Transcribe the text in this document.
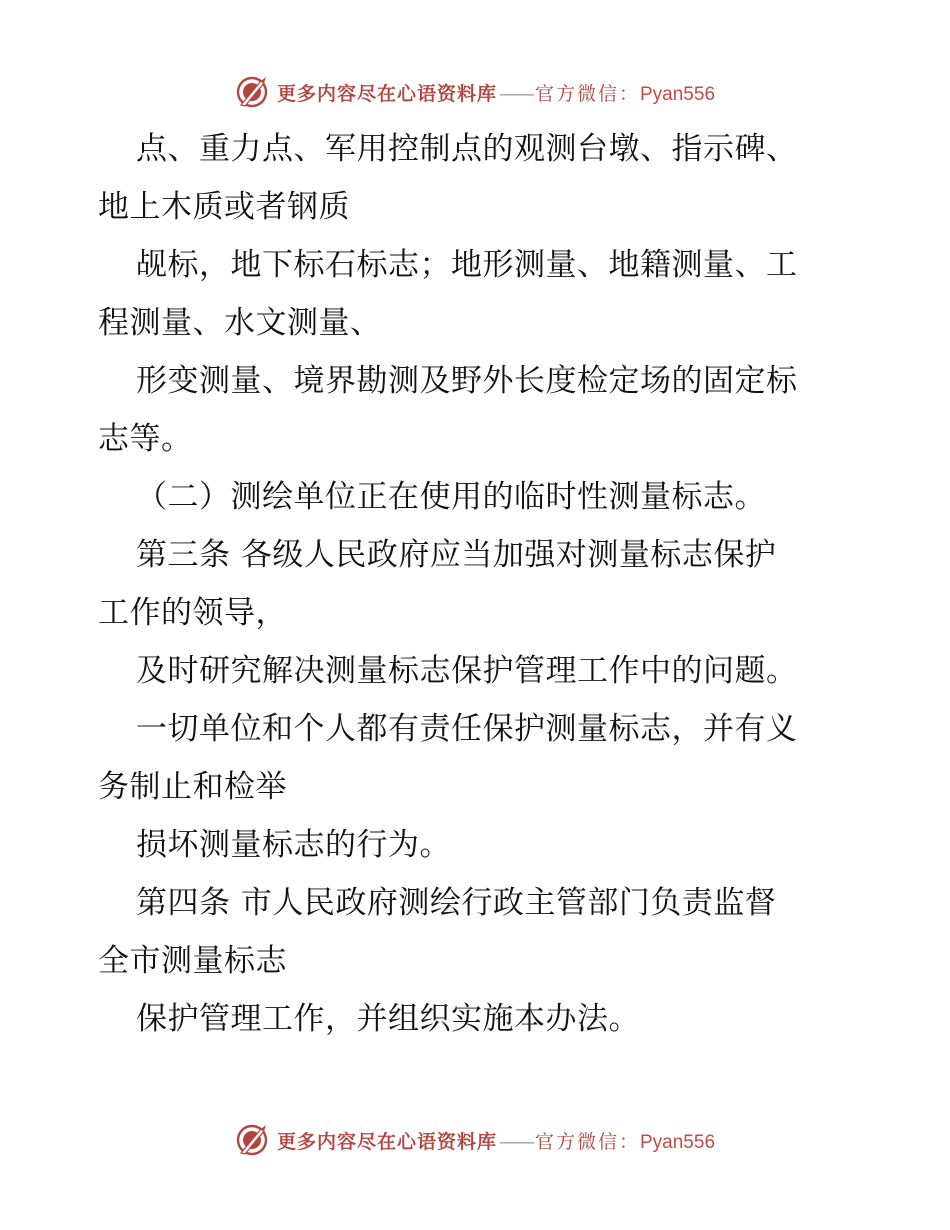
更多内容尽在心语资料库 —— 官方微信： Pyan556
点、重力点、军用控制点的观测台墩、指示碑、
地上木质或者钢质
觇标，地下标石标志；地形测量、地籍测量、工
程测量、水文测量、
形变测量、境界勘测及野外长度检定场的固定标
志等。
（二）测绘单位正在使用的临时性测量标志。
第三条 各级人民政府应当加强对测量标志保护
工作的领导，
及时研究解决测量标志保护管理工作中的问题。
一切单位和个人都有责任保护测量标志，并有义
务制止和检举
损坏测量标志的行为。
第四条 市人民政府测绘行政主管部门负责监督
全市测量标志
保护管理工作，并组织实施本办法。
更多内容尽在心语资料库 —— 官方微信： Pyan556
